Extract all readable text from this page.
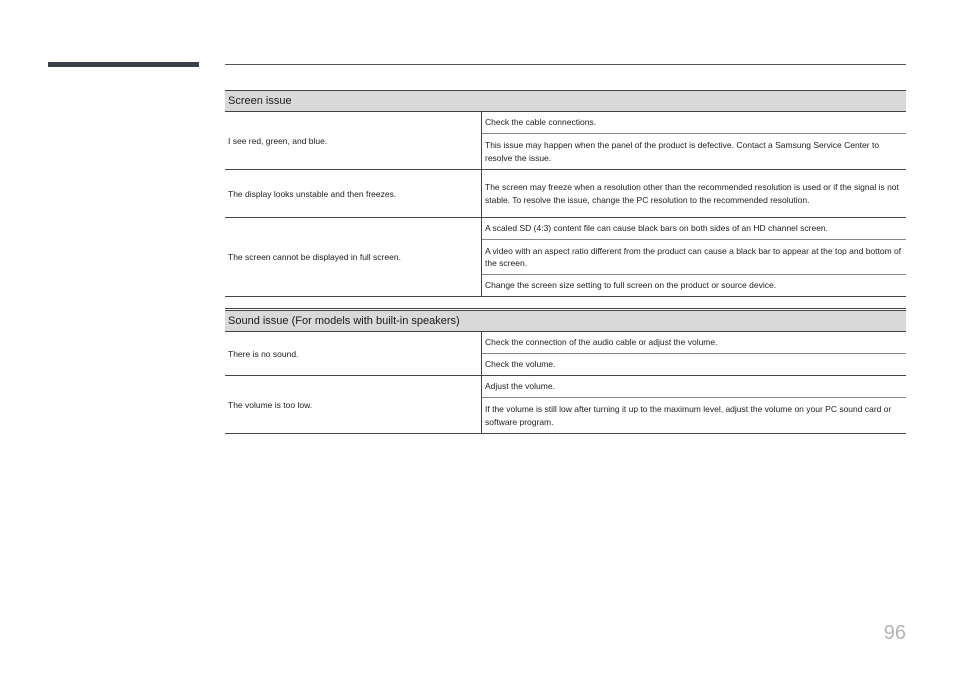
Screen issue
I see red, green, and blue.
Check the cable connections.
This issue may happen when the panel of the product is defective. Contact a Samsung Service Center to resolve the issue.
The display looks unstable and then freezes.
The screen may freeze when a resolution other than the recommended resolution is used or if the signal is not stable. To resolve the issue, change the PC resolution to the recommended resolution.
The screen cannot be displayed in full screen.
A scaled SD (4:3) content file can cause black bars on both sides of an HD channel screen.
A video with an aspect ratio different from the product can cause a black bar to appear at the top and bottom of the screen.
Change the screen size setting to full screen on the product or source device.
Sound issue (For models with built-in speakers)
There is no sound.
Check the connection of the audio cable or adjust the volume.
Check the volume.
The volume is too low.
Adjust the volume.
If the volume is still low after turning it up to the maximum level, adjust the volume on your PC sound card or software program.
96
